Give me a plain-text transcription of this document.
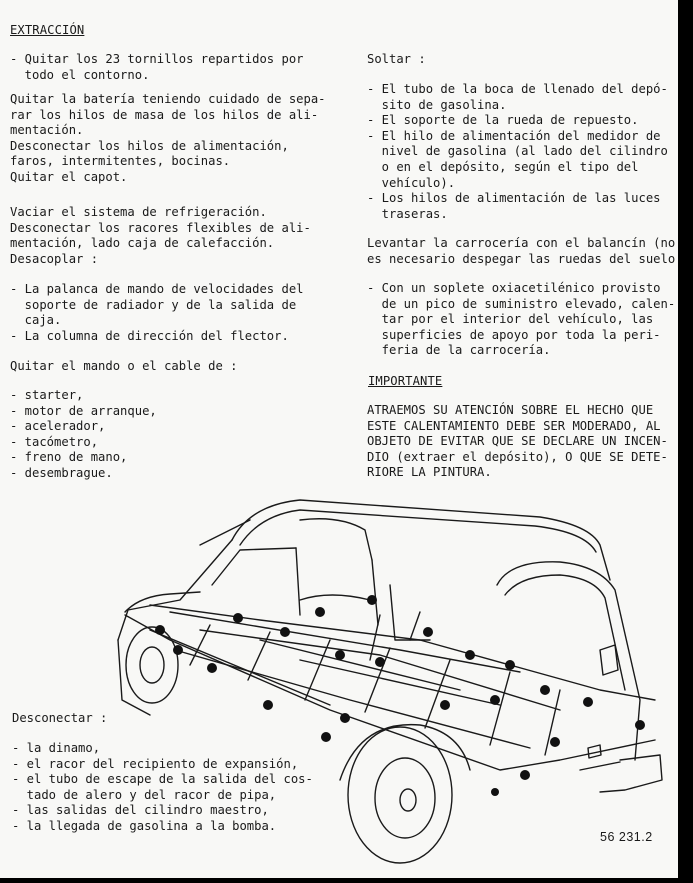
EXTRACCIÓN
- Quitar los 23 tornillos repartidos por
todo el contorno.
Quitar la batería teniendo cuidado de sepa-
rar los hilos de masa de los hilos de ali-
mentación.
Desconectar los hilos de alimentación,
faros, intermitentes, bocinas.
Quitar el capot.
Vaciar el sistema de refrigeración.
Desconectar los racores flexibles de ali-
mentación, lado caja de calefacción.
Desacoplar :
- La palanca de mando de velocidades del
soporte de radiador y de la salida de
caja.
- La columna de dirección del flector.
Quitar el mando o el cable de :
- starter,
- motor de arranque,
- acelerador,
- tacómetro,
- freno de mano,
- desembrague.
Desconectar :
- la dinamo,
- el racor del recipiento de expansión,
- el tubo de escape de la salida del cos-
tado de alero y del racor de pipa,
- las salidas del cilindro maestro,
- la llegada de gasolina a la bomba.
Soltar :
- El tubo de la boca de llenado del depó-
sito de gasolina.
- El soporte de la rueda de repuesto.
- El hilo de alimentación del medidor de
nivel de gasolina (al lado del cilindro
o en el depósito, según el tipo del
vehículo).
- Los hilos de alimentación de las luces
traseras.
Levantar la carrocería con el balancín (no
es necesario despegar las ruedas del suelo
- Con un soplete oxiacetilénico provisto
de un pico de suministro elevado, calen-
tar por el interior del vehículo, las
superficies de apoyo por toda la peri-
feria de la carrocería.
IMPORTANTE
ATRAEMOS SU ATENCIÓN SOBRE EL HECHO QUE
ESTE CALENTAMIENTO DEBE SER MODERADO, AL
OBJETO DE EVITAR QUE SE DECLARE UN INCEN-
DIO (extraer el depósito), O QUE SE DETE-
RIORE LA PINTURA.
56 231.2
